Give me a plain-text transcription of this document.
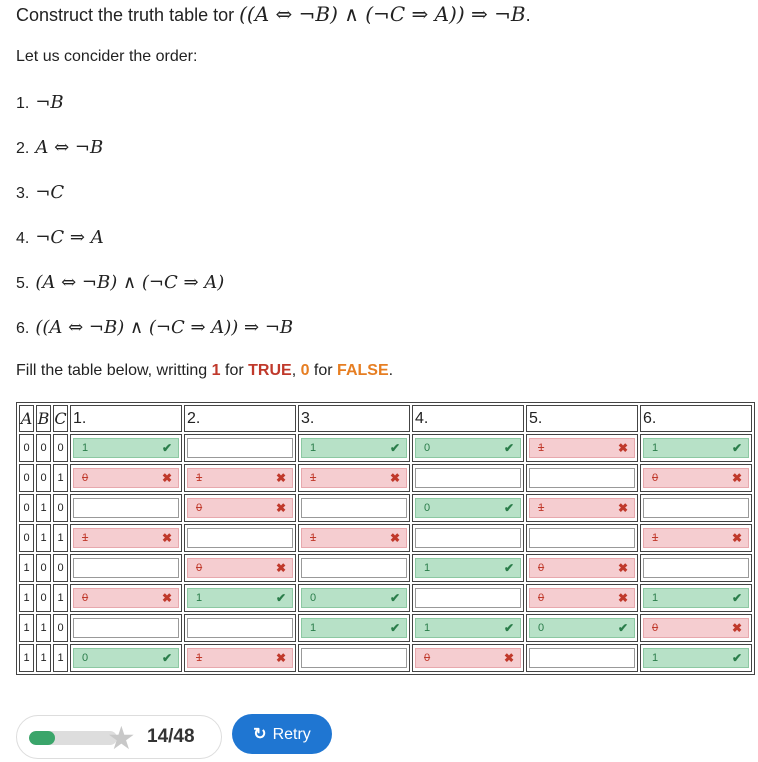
Construct the truth table tor ((A ⇔ ¬B) ∧ (¬C ⇒ A)) ⇒ ¬B.
Let us concider the order:
1. ¬B
2. A ⇔ ¬B
3. ¬C
4. ¬C ⇒ A
5. (A ⇔ ¬B) ∧ (¬C ⇒ A)
6. ((A ⇔ ¬B) ∧ (¬C ⇒ A)) ⇒ ¬B
Fill the table below, writting 1 for TRUE, 0 for FALSE.
A	B	C	1.	2.	3.	4.	5.	6.
0	0	0	1 ✔		1 ✔	0 ✔	1 ✖	1 ✔

0	0	1	0 ✖	1 ✖	1 ✖			0 ✖

0	1	0		0 ✖		0 ✔	1 ✖	

0	1	1	1 ✖		1 ✖			1 ✖

1	0	0		0 ✖		1 ✔	0 ✖	

1	0	1	0 ✖	1 ✔	0 ✔		0 ✖	1 ✔

1	1	0			1 ✔	1 ✔	0 ✔	0 ✖

1	1	1	0 ✔	1 ✖		0 ✖		1 ✔
★ 14/48	↻ Retry
